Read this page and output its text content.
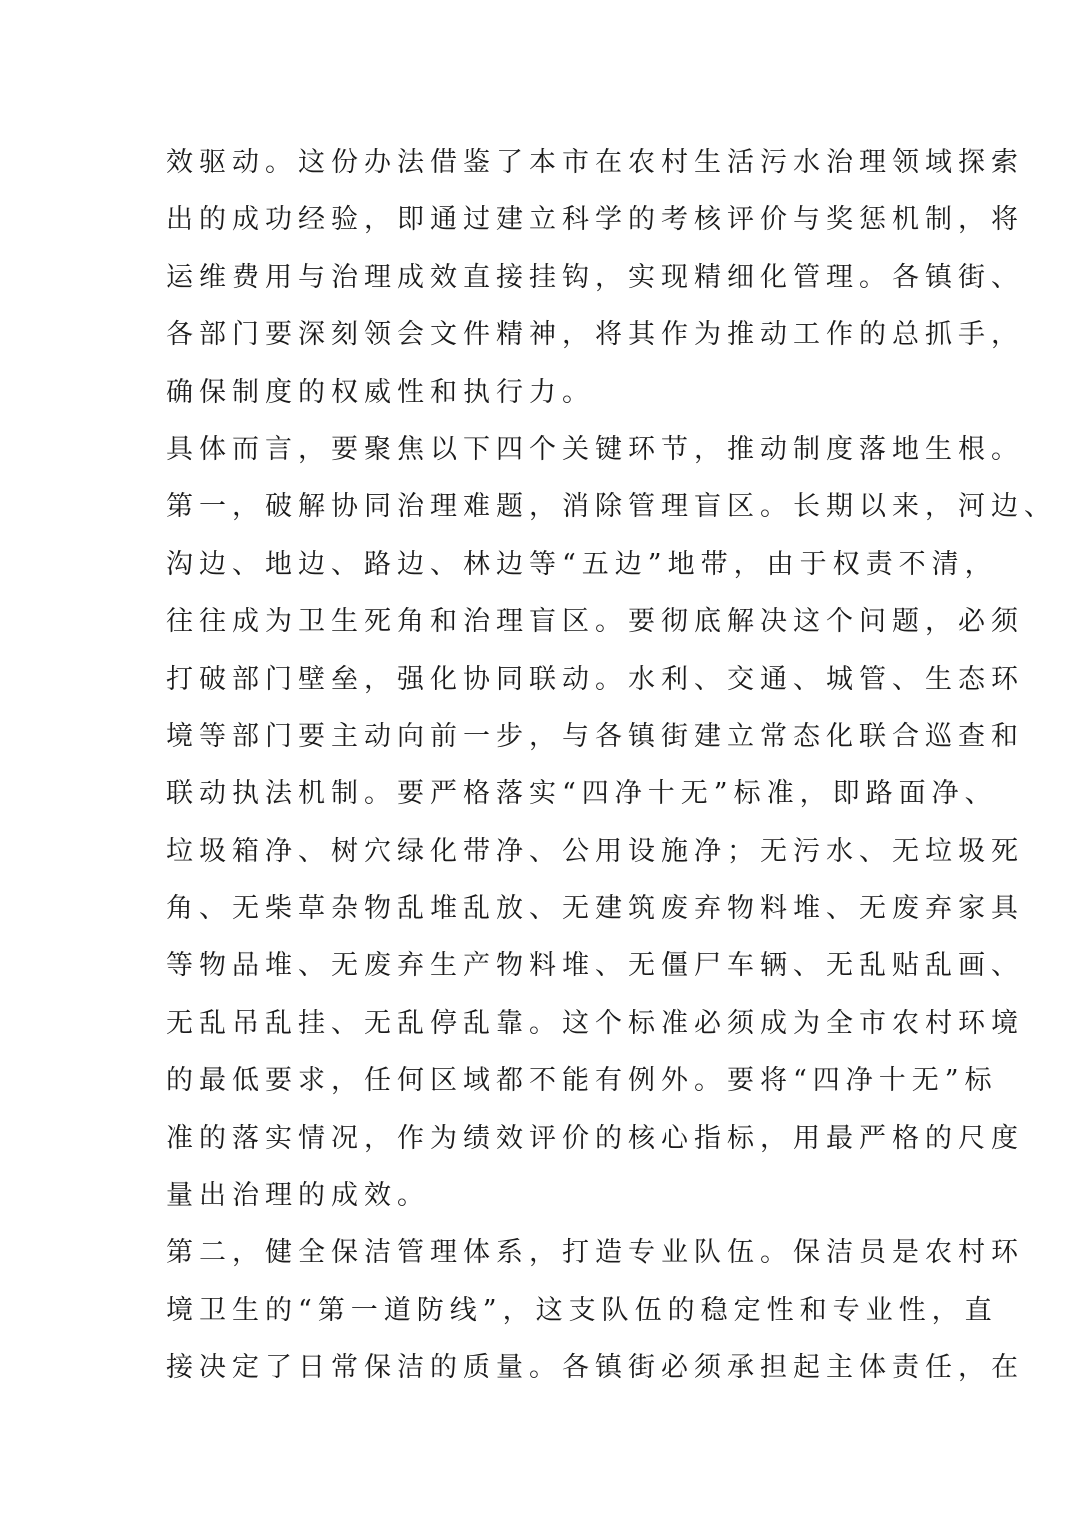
效驱动。这份办法借鉴了本市在农村生活污水治理领域探索
出的成功经验，即通过建立科学的考核评价与奖惩机制，将
运维费用与治理成效直接挂钩，实现精细化管理。各镇街、
各部门要深刻领会文件精神，将其作为推动工作的总抓手，
确保制度的权威性和执行力。
具体而言，要聚焦以下四个关键环节，推动制度落地生根。
第一，破解协同治理难题，消除管理盲区。长期以来，河边、
沟边、地边、路边、林边等“五边”地带，由于权责不清，
往往成为卫生死角和治理盲区。要彻底解决这个问题，必须
打破部门壁垒，强化协同联动。水利、交通、城管、生态环
境等部门要主动向前一步，与各镇街建立常态化联合巡查和
联动执法机制。要严格落实“四净十无”标准，即路面净、
垃圾箱净、树穴绿化带净、公用设施净；无污水、无垃圾死
角、无柴草杂物乱堆乱放、无建筑废弃物料堆、无废弃家具
等物品堆、无废弃生产物料堆、无僵尸车辆、无乱贴乱画、
无乱吊乱挂、无乱停乱靠。这个标准必须成为全市农村环境
的最低要求，任何区域都不能有例外。要将“四净十无”标
准的落实情况，作为绩效评价的核心指标，用最严格的尺度
量出治理的成效。
第二，健全保洁管理体系，打造专业队伍。保洁员是农村环
境卫生的“第一道防线”，这支队伍的稳定性和专业性，直
接决定了日常保洁的质量。各镇街必须承担起主体责任，在
